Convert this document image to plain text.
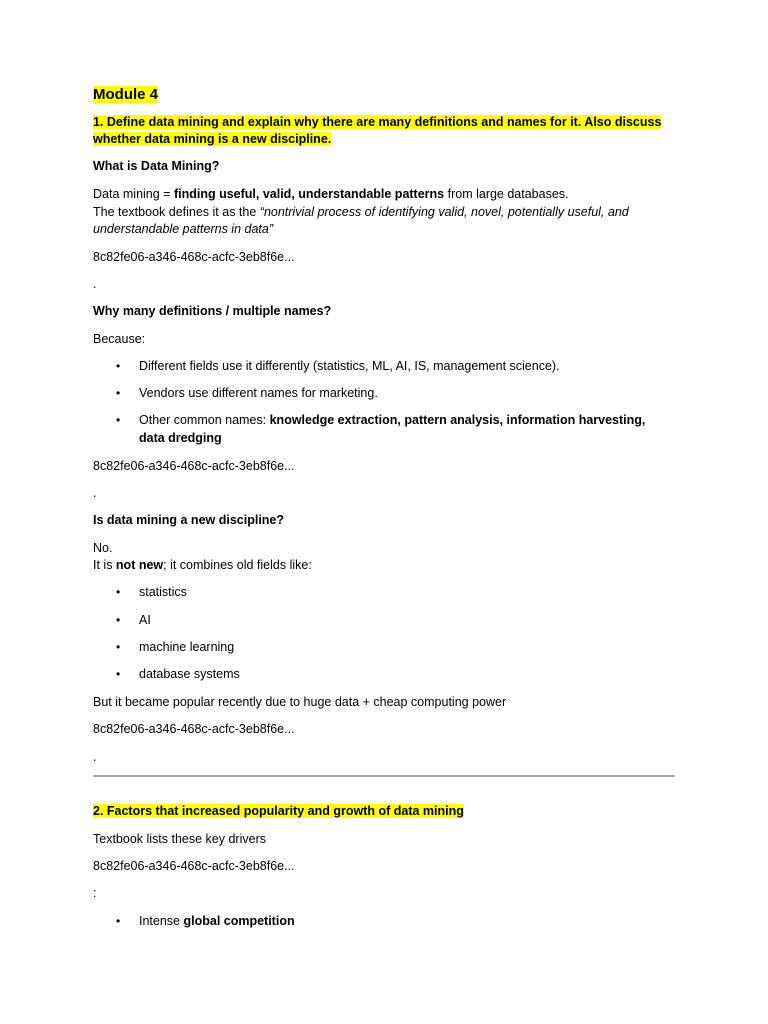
Module 4
1. Define data mining and explain why there are many definitions and names for it. Also discuss
whether data mining is a new discipline.
What is Data Mining?
Data mining = finding useful, valid, understandable patterns from large databases.
The textbook defines it as the “nontrivial process of identifying valid, novel, potentially useful, and
understandable patterns in data”
8c82fe06-a346-468c-acfc-3eb8f6e...
.
Why many definitions / multiple names?
Because:
• Different fields use it differently (statistics, ML, AI, IS, management science).
• Vendors use different names for marketing.
• Other common names: knowledge extraction, pattern analysis, information harvesting,
data dredging
8c82fe06-a346-468c-acfc-3eb8f6e...
.
Is data mining a new discipline?
No.
It is not new; it combines old fields like:
• statistics
• AI
• machine learning
• database systems
But it became popular recently due to huge data + cheap computing power
8c82fe06-a346-468c-acfc-3eb8f6e...
.
2. Factors that increased popularity and growth of data mining
Textbook lists these key drivers
8c82fe06-a346-468c-acfc-3eb8f6e...
:
• Intense global competition
